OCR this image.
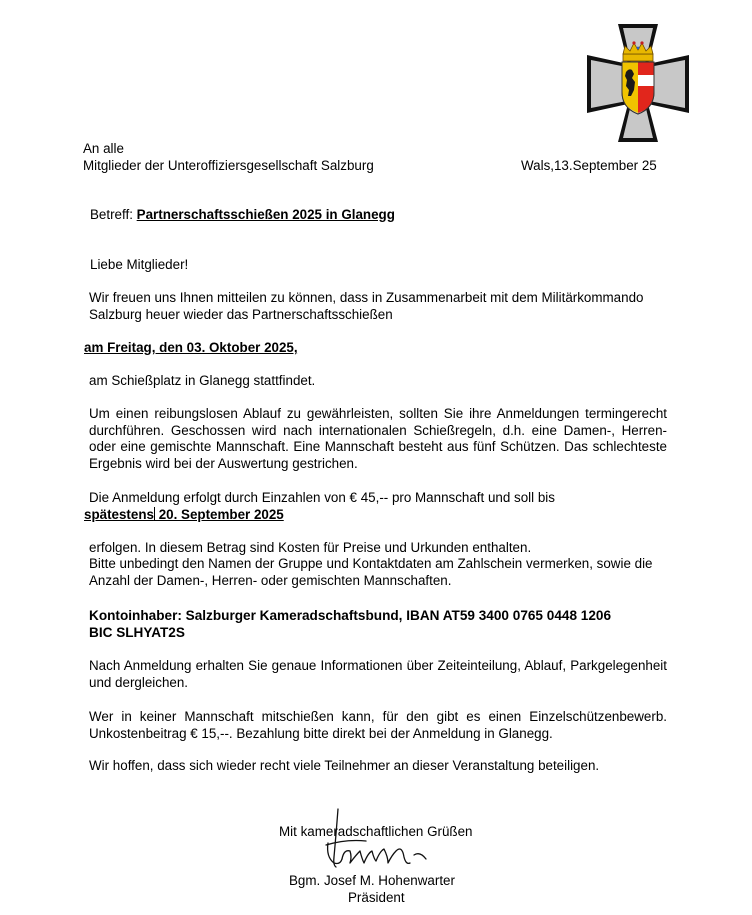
An alle

Mitglieder der Unteroffiziersgesellschaft Salzburg	Wals,13.September 25

Betreff: Partnerschaftsschießen 2025 in Glanegg

Liebe Mitglieder!

Wir freuen uns Ihnen mitteilen zu können, dass in Zusammenarbeit mit dem Militärkommando Salzburg heuer wieder das Partnerschaftsschießen

am Freitag, den 03. Oktober 2025,

am Schießplatz in Glanegg stattfindet.

Um einen reibungslosen Ablauf zu gewährleisten, sollten Sie ihre Anmeldungen termingerecht durchführen. Geschossen wird nach internationalen Schießregeln, d.h. eine Damen-, Herren- oder eine gemischte Mannschaft. Eine Mannschaft besteht aus fünf Schützen. Das schlechteste Ergebnis wird bei der Auswertung gestrichen.

Die Anmeldung erfolgt durch Einzahlen von € 45,-- pro Mannschaft und soll bis

spätestens 20. September 2025

erfolgen. In diesem Betrag sind Kosten für Preise und Urkunden enthalten.

Bitte unbedingt den Namen der Gruppe und Kontaktdaten am Zahlschein vermerken, sowie die Anzahl der Damen-, Herren- oder gemischten Mannschaften.

Kontoinhaber: Salzburger Kameradschaftsbund, IBAN AT59 3400 0765 0448 1206

BIC SLHYAT2S

Nach Anmeldung erhalten Sie genaue Informationen über Zeiteinteilung, Ablauf, Parkgelegenheit und dergleichen.

Wer in keiner Mannschaft mitschießen kann, für den gibt es einen Einzelschützenbewerb. Unkostenbeitrag € 15,--. Bezahlung bitte direkt bei der Anmeldung in Glanegg.

Wir hoffen, dass sich wieder recht viele Teilnehmer an dieser Veranstaltung beteiligen.

Mit kameradschaftlichen Grüßen

Bgm. Josef M. Hohenwarter

Präsident
